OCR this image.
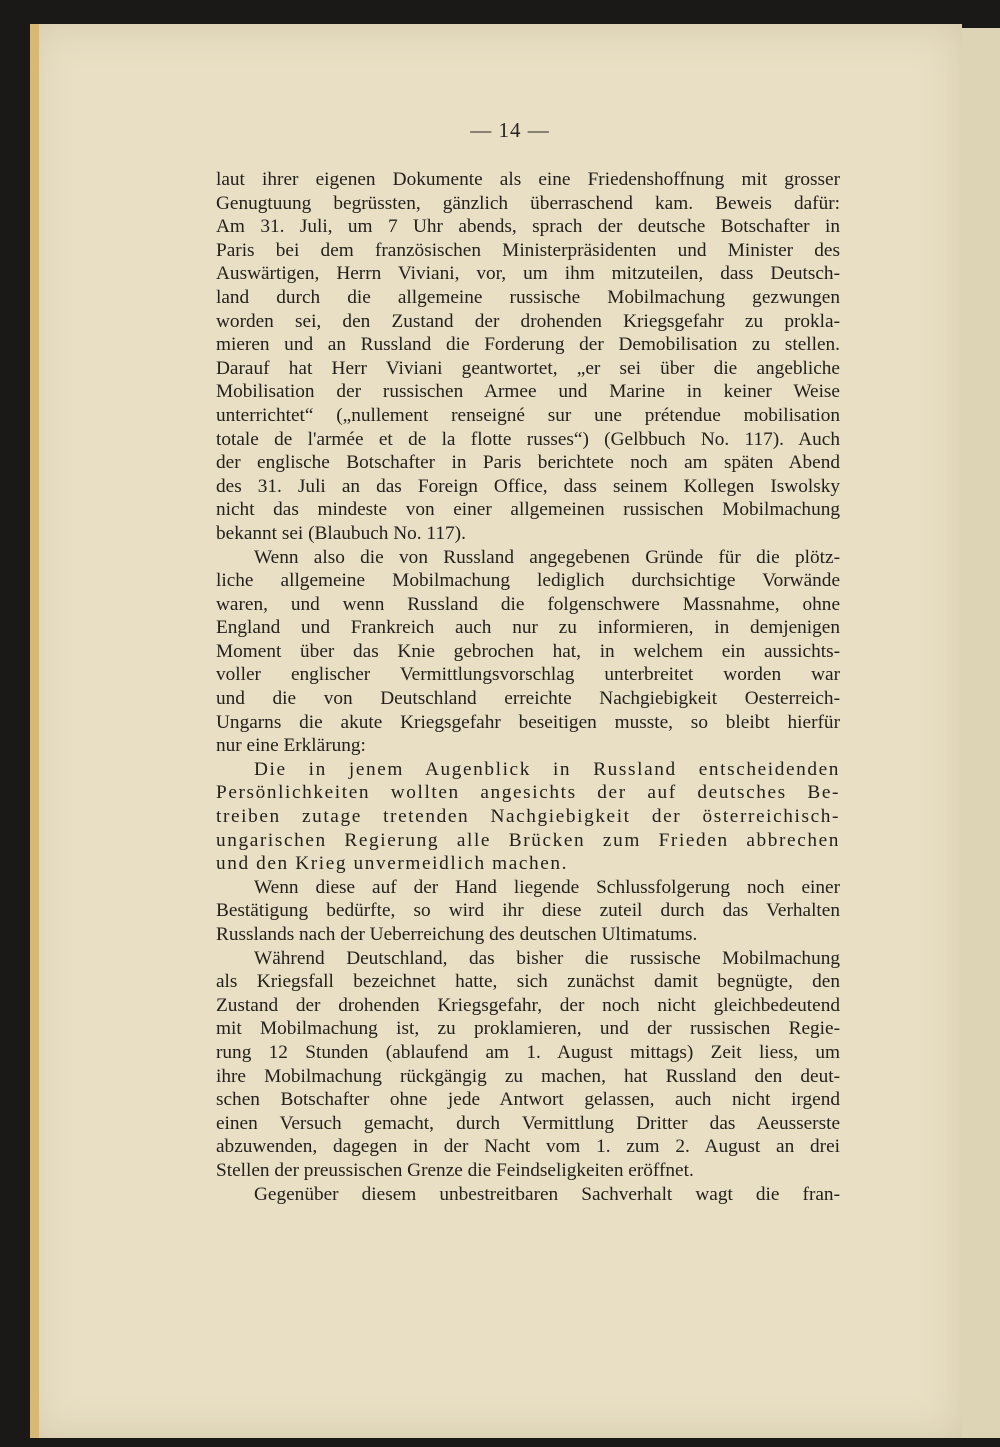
— 14 —

laut ihrer eigenen Dokumente als eine Friedenshoffnung mit grosser
Genugtuung begrüssten, gänzlich überraschend kam. Beweis dafür:
Am 31. Juli, um 7 Uhr abends, sprach der deutsche Botschafter in
Paris bei dem französischen Ministerpräsidenten und Minister des
Auswärtigen, Herrn Viviani, vor, um ihm mitzuteilen, dass Deutsch-
land durch die allgemeine russische Mobilmachung gezwungen
worden sei, den Zustand der drohenden Kriegsgefahr zu prokla-
mieren und an Russland die Forderung der Demobilisation zu stellen.
Darauf hat Herr Viviani geantwortet, „er sei über die angebliche
Mobilisation der russischen Armee und Marine in keiner Weise
unterrichtet“ („nullement renseigné sur une prétendue mobilisation
totale de l'armée et de la flotte russes“) (Gelbbuch No. 117). Auch
der englische Botschafter in Paris berichtete noch am späten Abend
des 31. Juli an das Foreign Office, dass seinem Kollegen Iswolsky
nicht das mindeste von einer allgemeinen russischen Mobilmachung
bekannt sei (Blaubuch No. 117).

Wenn also die von Russland angegebenen Gründe für die plötz-
liche allgemeine Mobilmachung lediglich durchsichtige Vorwände
waren, und wenn Russland die folgenschwere Massnahme, ohne
England und Frankreich auch nur zu informieren, in demjenigen
Moment über das Knie gebrochen hat, in welchem ein aussichts-
voller englischer Vermittlungsvorschlag unterbreitet worden war
und die von Deutschland erreichte Nachgiebigkeit Oesterreich-
Ungarns die akute Kriegsgefahr beseitigen musste, so bleibt hierfür
nur eine Erklärung:

Die in jenem Augenblick in Russland entscheidenden
Persönlichkeiten wollten angesichts der auf deutsches Be-
treiben zutage tretenden Nachgiebigkeit der österreichisch-
ungarischen Regierung alle Brücken zum Frieden abbrechen
und den Krieg unvermeidlich machen.

Wenn diese auf der Hand liegende Schlussfolgerung noch einer
Bestätigung bedürfte, so wird ihr diese zuteil durch das Verhalten
Russlands nach der Ueberreichung des deutschen Ultimatums.

Während Deutschland, das bisher die russische Mobilmachung
als Kriegsfall bezeichnet hatte, sich zunächst damit begnügte, den
Zustand der drohenden Kriegsgefahr, der noch nicht gleichbedeutend
mit Mobilmachung ist, zu proklamieren, und der russischen Regie-
rung 12 Stunden (ablaufend am 1. August mittags) Zeit liess, um
ihre Mobilmachung rückgängig zu machen, hat Russland den deut-
schen Botschafter ohne jede Antwort gelassen, auch nicht irgend
einen Versuch gemacht, durch Vermittlung Dritter das Aeusserste
abzuwenden, dagegen in der Nacht vom 1. zum 2. August an drei
Stellen der preussischen Grenze die Feindseligkeiten eröffnet.

Gegenüber diesem unbestreitbaren Sachverhalt wagt die fran-
